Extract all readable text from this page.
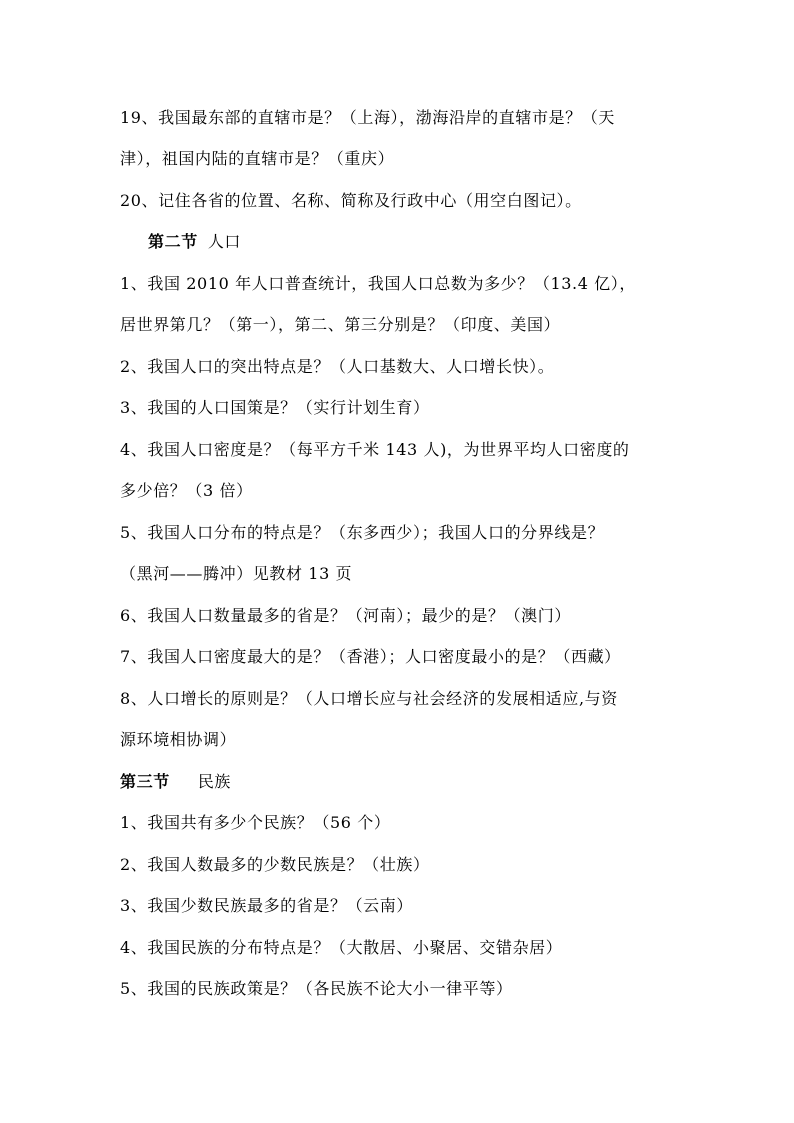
19、我国最东部的直辖市是？（上海），渤海沿岸的直辖市是？（天
津），祖国内陆的直辖市是？（重庆）
20、记住各省的位置、名称、简称及行政中心（用空白图记）。
第二节 人口
1、我国 2010 年人口普查统计，我国人口总数为多少？（13.4 亿），
居世界第几？（第一），第二、第三分别是？（印度、美国）
2、我国人口的突出特点是？（人口基数大、人口增长快）。
3、我国的人口国策是？（实行计划生育）
4、我国人口密度是？（每平方千米 143 人)，为世界平均人口密度的
多少倍？（3 倍）
5、我国人口分布的特点是？（东多西少）；我国人口的分界线是？
（黑河——腾冲）见教材 13 页
6、我国人口数量最多的省是？（河南）；最少的是？（澳门）
7、我国人口密度最大的是？（香港）；人口密度最小的是？（西藏）
8、人口增长的原则是？（人口增长应与社会经济的发展相适应,与资
源环境相协调）
第三节 民族
1、我国共有多少个民族？（56 个）
2、我国人数最多的少数民族是？（壮族）
3、我国少数民族最多的省是？（云南）
4、我国民族的分布特点是？（大散居、小聚居、交错杂居）
5、我国的民族政策是？（各民族不论大小一律平等）
